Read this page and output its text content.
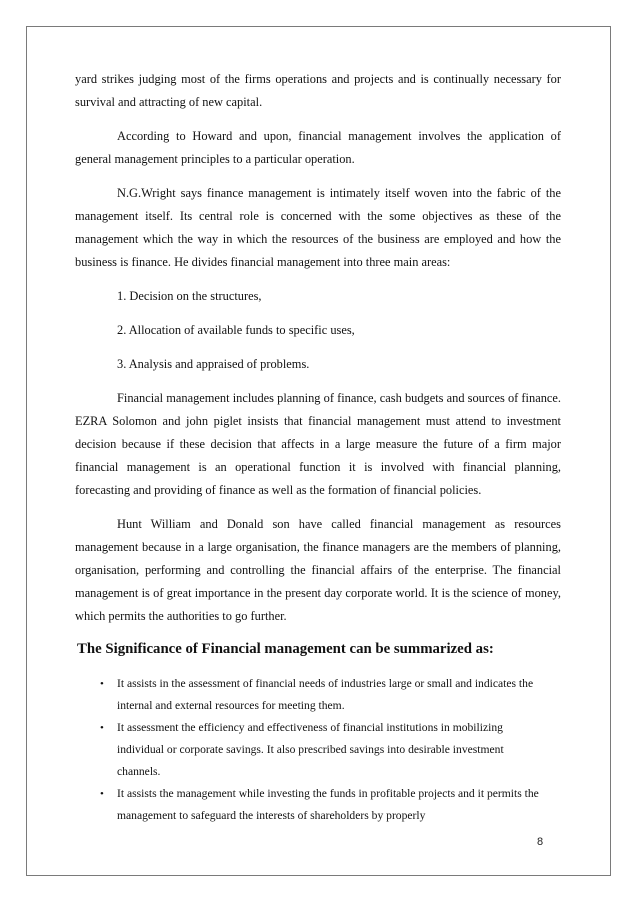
yard strikes judging most of the firms operations and projects and is continually necessary for survival and attracting of new capital.

According to Howard and upon, financial management involves the application of general management principles to a particular operation.

N.G.Wright says finance management is intimately itself woven into the fabric of the management itself. Its central role is concerned with the some objectives as these of the management which the way in which the resources of the business are employed and how the business is finance. He divides financial management into three main areas:

1. Decision on the structures,
2. Allocation of available funds to specific uses,
3. Analysis and appraised of problems.

Financial management includes planning of finance, cash budgets and sources of finance. EZRA Solomon and john piglet insists that financial management must attend to investment decision because if these decision that affects in a large measure the future of a firm major financial management is an operational function it is involved with financial planning, forecasting and providing of finance as well as the formation of financial policies.

Hunt William and Donald son have called financial management as resources management because in a large organisation, the finance managers are the members of planning, organisation, performing and controlling the financial affairs of the enterprise. The financial management is of great importance in the present day corporate world. It is the science of money, which permits the authorities to go further.

The Significance of Financial management can be summarized as:
• It assists in the assessment of financial needs of industries large or small and indicates the internal and external resources for meeting them.
• It assessment the efficiency and effectiveness of financial institutions in mobilizing individual or corporate savings. It also prescribed savings into desirable investment channels.
• It assists the management while investing the funds in profitable projects and it permits the management to safeguard the interests of shareholders by properly
8
